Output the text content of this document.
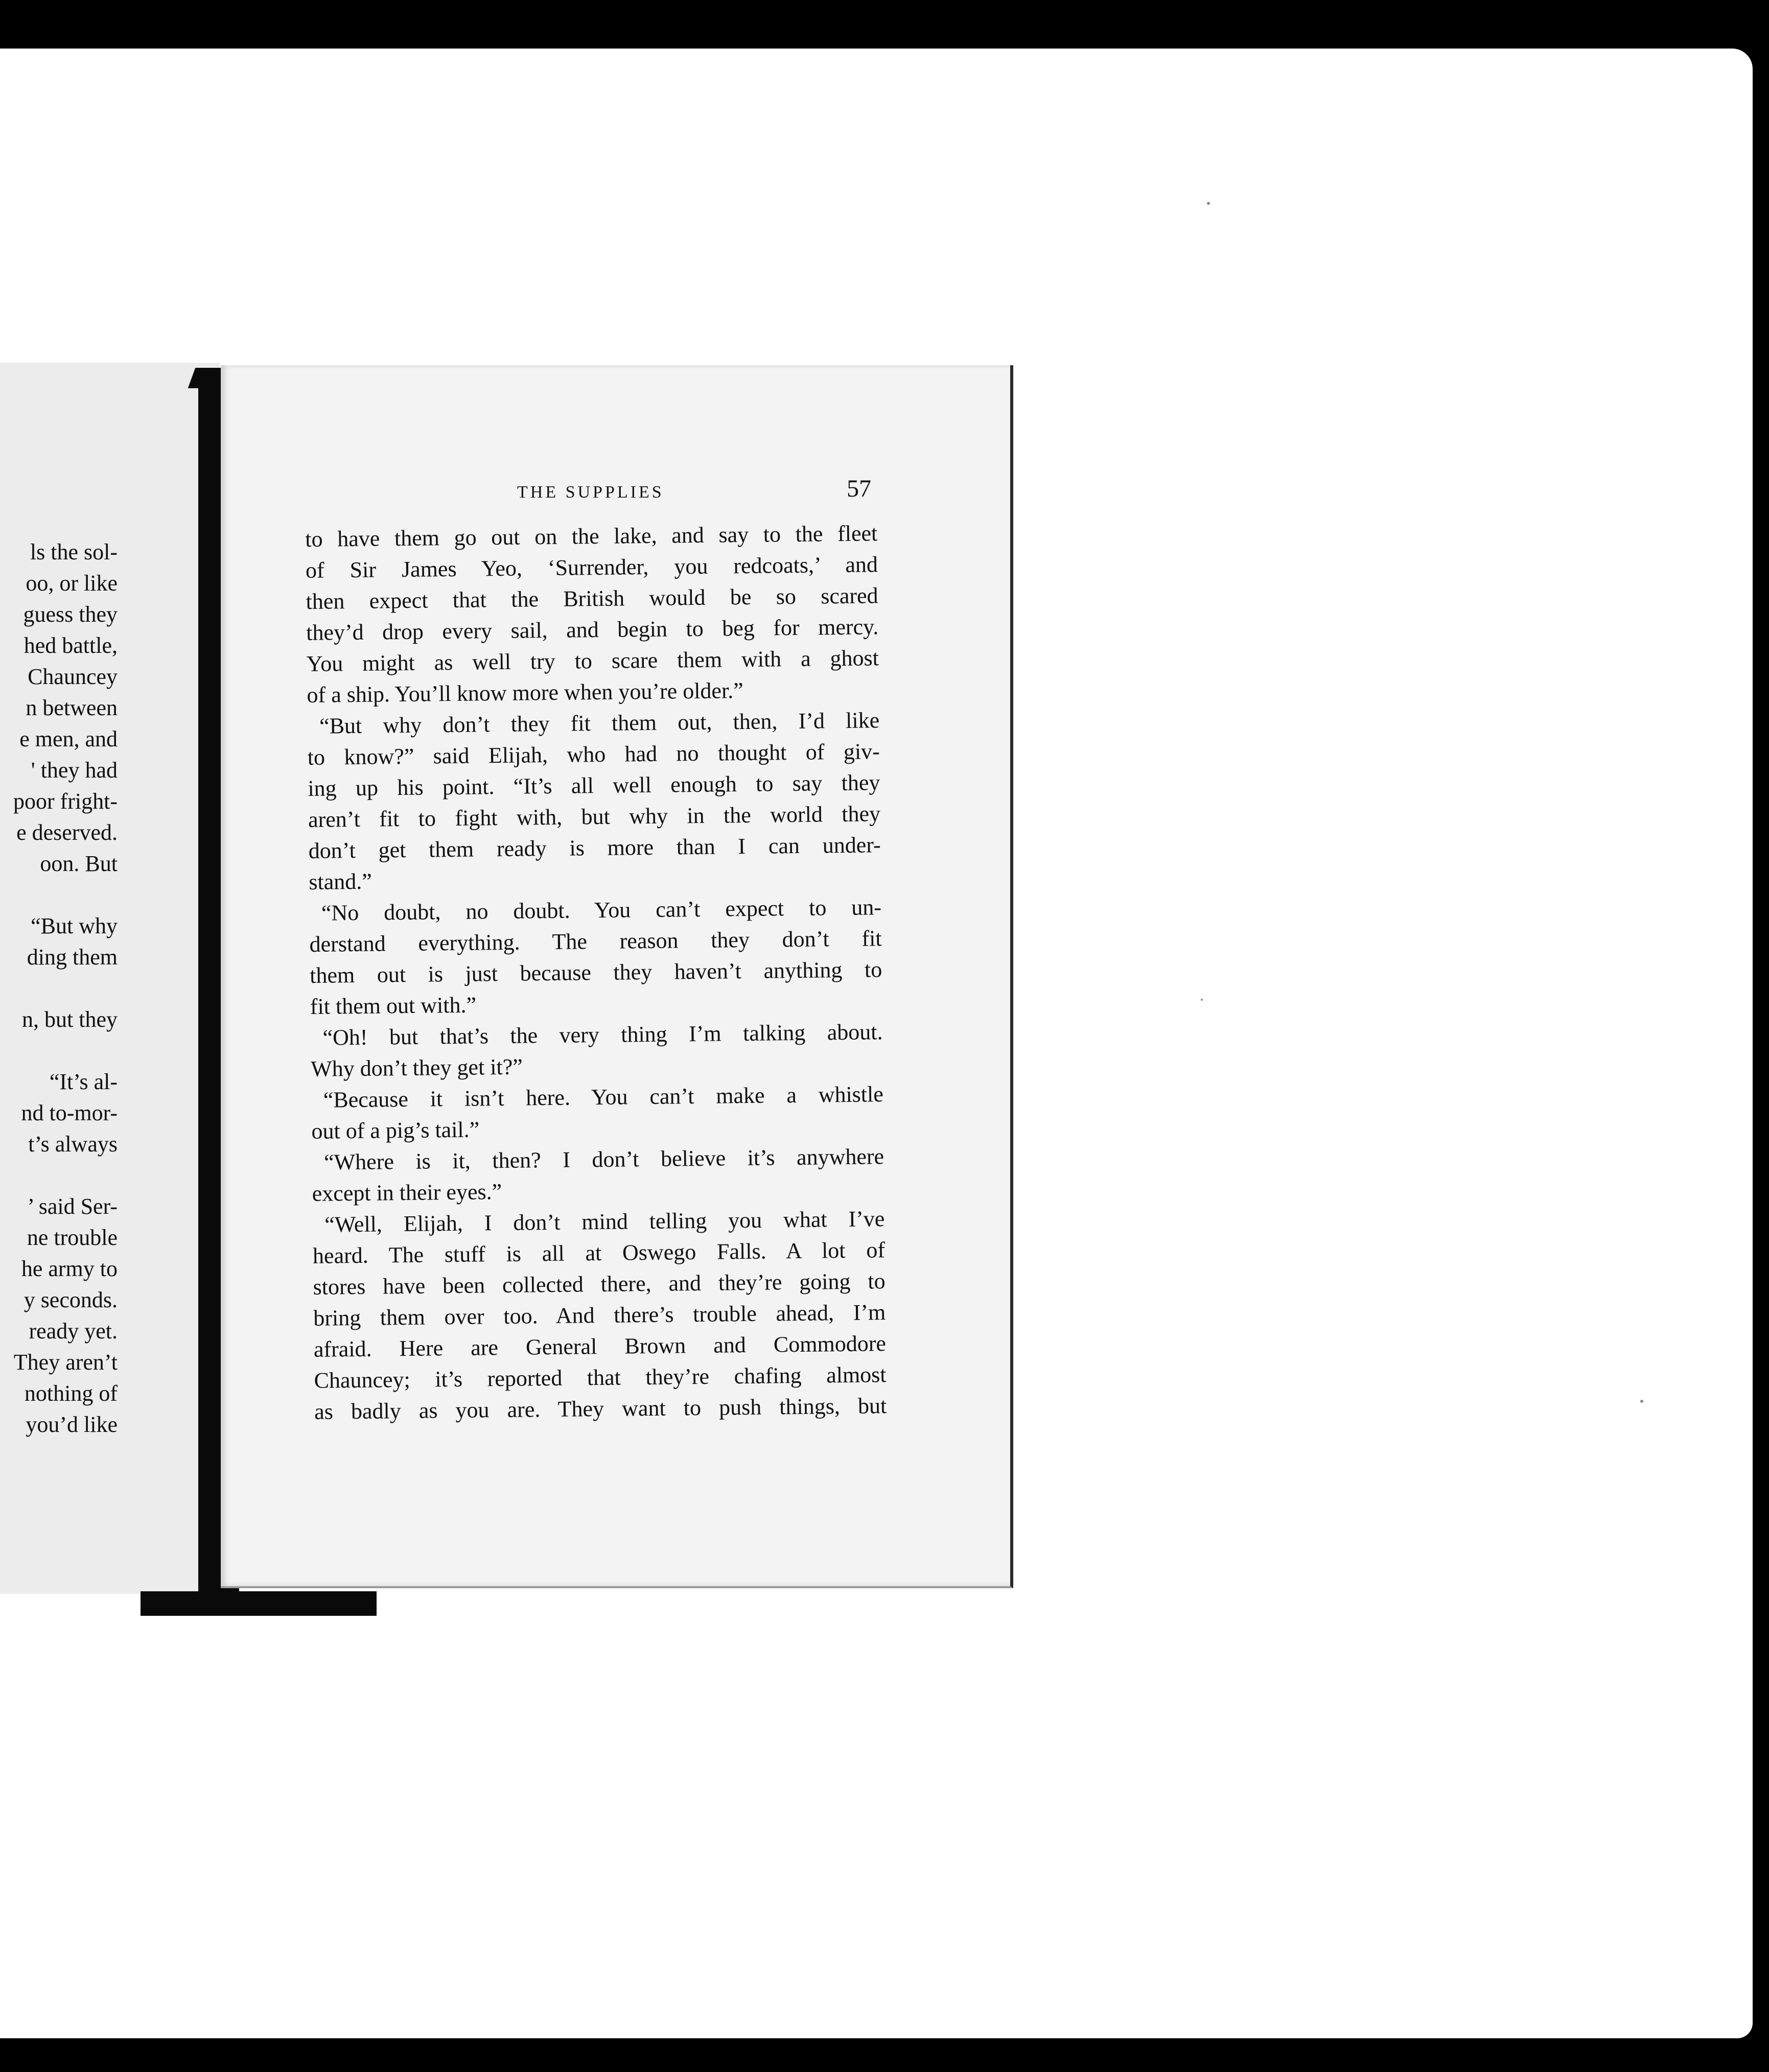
ls the sol-
oo, or like
guess they
hed battle,
Chauncey
n between
e men, and
' they had
poor fright-
e deserved.
oon. But
“But why
ding them
n, but they
“It’s al-
nd to-mor-
t’s always
’ said Ser-
ne trouble
he army to
y seconds.
ready yet.
They aren’t
nothing of
you’d like
THE SUPPLIES	57
to have them go out on the lake, and say to the fleet
of Sir James Yeo, ‘Surrender, you redcoats,’ and
then expect that the British would be so scared
they’d drop every sail, and begin to beg for mercy.
You might as well try to scare them with a ghost
of a ship. You’ll know more when you’re older.”
“But why don’t they fit them out, then, I’d like
to know?” said Elijah, who had no thought of giv-
ing up his point. “It’s all well enough to say they
aren’t fit to fight with, but why in the world they
don’t get them ready is more than I can under-
stand.”
“No doubt, no doubt. You can’t expect to un-
derstand everything. The reason they don’t fit
them out is just because they haven’t anything to
fit them out with.”
“Oh! but that’s the very thing I’m talking about.
Why don’t they get it?”
“Because it isn’t here. You can’t make a whistle
out of a pig’s tail.”
“Where is it, then? I don’t believe it’s anywhere
except in their eyes.”
“Well, Elijah, I don’t mind telling you what I’ve
heard. The stuff is all at Oswego Falls. A lot of
stores have been collected there, and they’re going to
bring them over too. And there’s trouble ahead, I’m
afraid. Here are General Brown and Commodore
Chauncey; it’s reported that they’re chafing almost
as badly as you are. They want to push things, but
